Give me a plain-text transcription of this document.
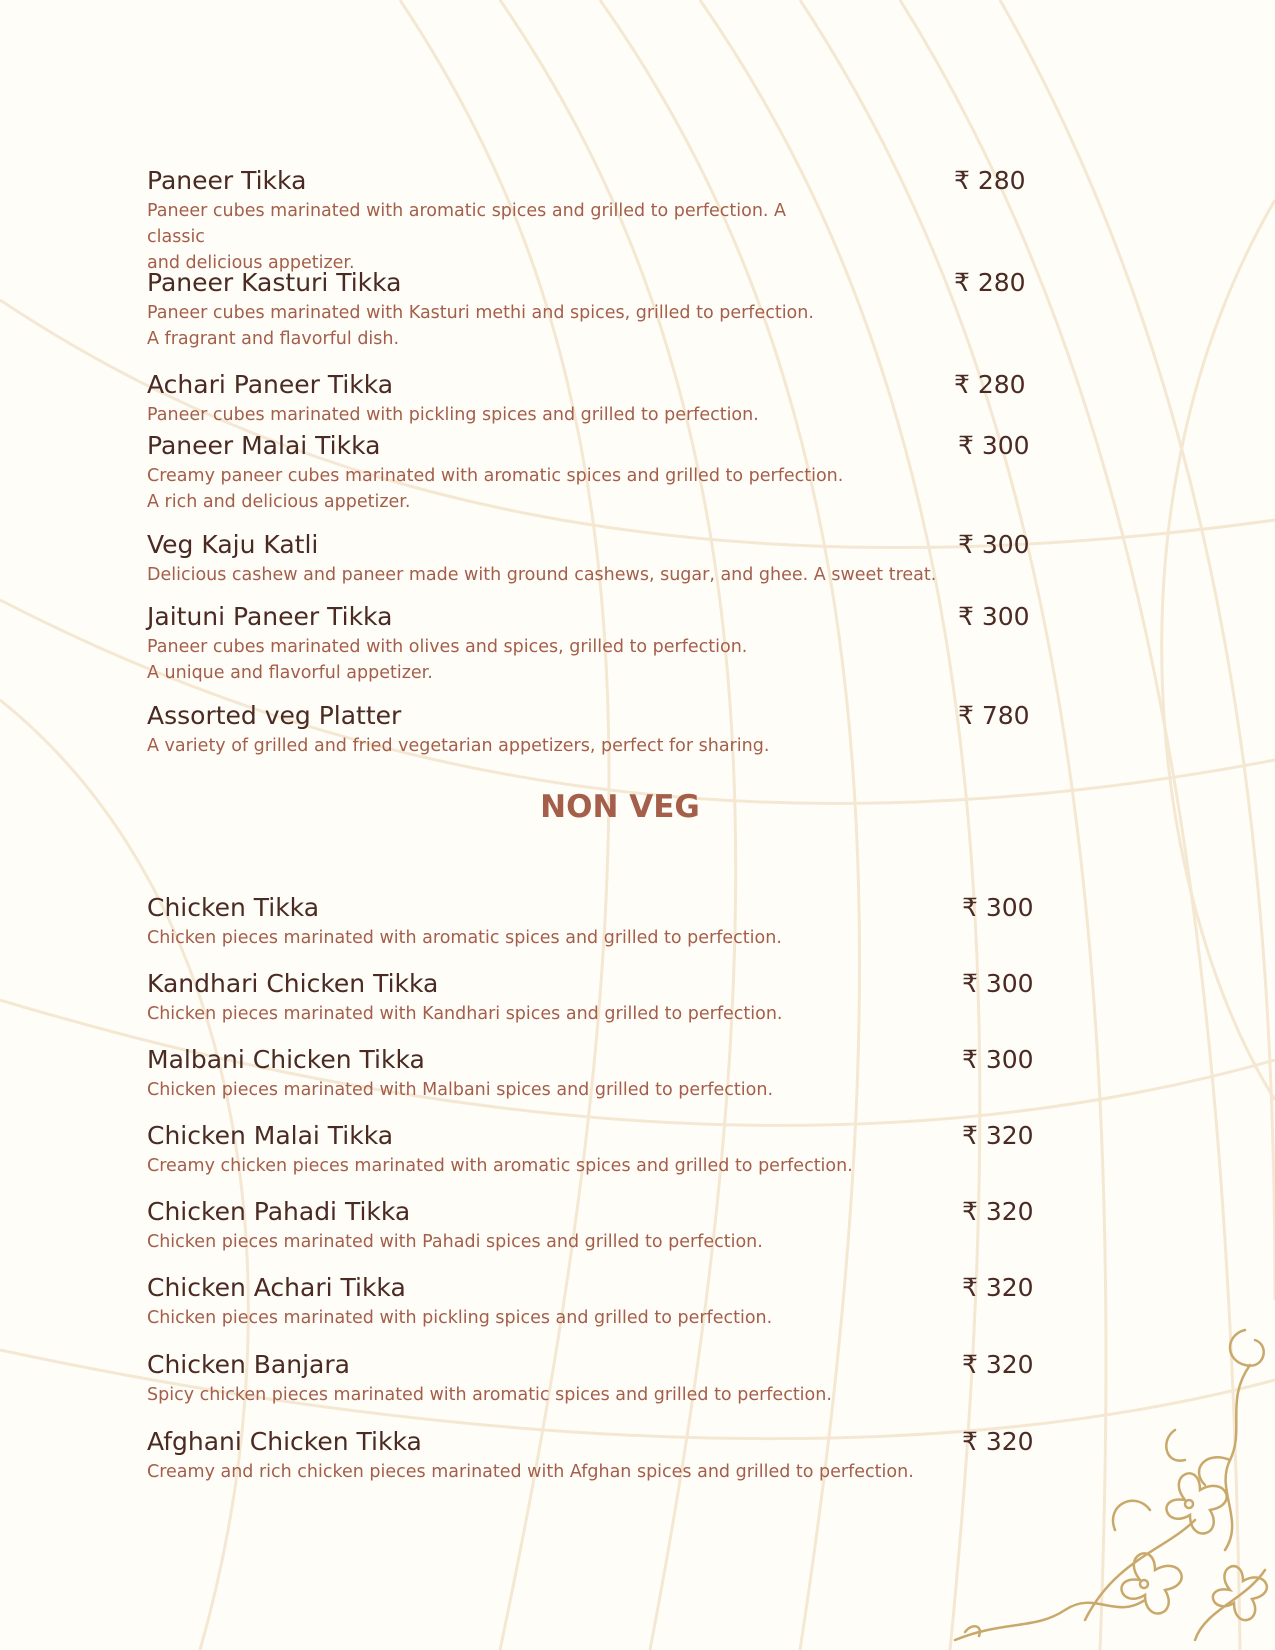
Paneer Tikka
Paneer cubes marinated with aromatic spices and grilled to perfection. A classic
and delicious appetizer.
₹ 280
Paneer Kasturi Tikka
Paneer cubes marinated with Kasturi methi and spices, grilled to perfection.
A fragrant and flavorful dish.
₹ 280
Achari Paneer Tikka
Paneer cubes marinated with pickling spices and grilled to perfection.
₹ 280
Paneer Malai Tikka
Creamy paneer cubes marinated with aromatic spices and grilled to perfection.
A rich and delicious appetizer.
₹ 300
Veg Kaju Katli
Delicious cashew and paneer made with ground cashews, sugar, and ghee. A sweet treat.
₹ 300
Jaituni Paneer Tikka
Paneer cubes marinated with olives and spices, grilled to perfection.
A unique and flavorful appetizer.
₹ 300
Assorted veg Platter
A variety of grilled and fried vegetarian appetizers, perfect for sharing.
₹ 780
NON VEG
Chicken Tikka
Chicken pieces marinated with aromatic spices and grilled to perfection.
₹ 300
Kandhari Chicken Tikka
Chicken pieces marinated with Kandhari spices and grilled to perfection.
₹ 300
Malbani Chicken Tikka
Chicken pieces marinated with Malbani spices and grilled to perfection.
₹ 300
Chicken Malai Tikka
Creamy chicken pieces marinated with aromatic spices and grilled to perfection.
₹ 320
Chicken Pahadi Tikka
Chicken pieces marinated with Pahadi spices and grilled to perfection.
₹ 320
Chicken Achari Tikka
Chicken pieces marinated with pickling spices and grilled to perfection.
₹ 320
Chicken Banjara
Spicy chicken pieces marinated with aromatic spices and grilled to perfection.
₹ 320
Afghani Chicken Tikka
Creamy and rich chicken pieces marinated with Afghan spices and grilled to perfection.
₹ 320
